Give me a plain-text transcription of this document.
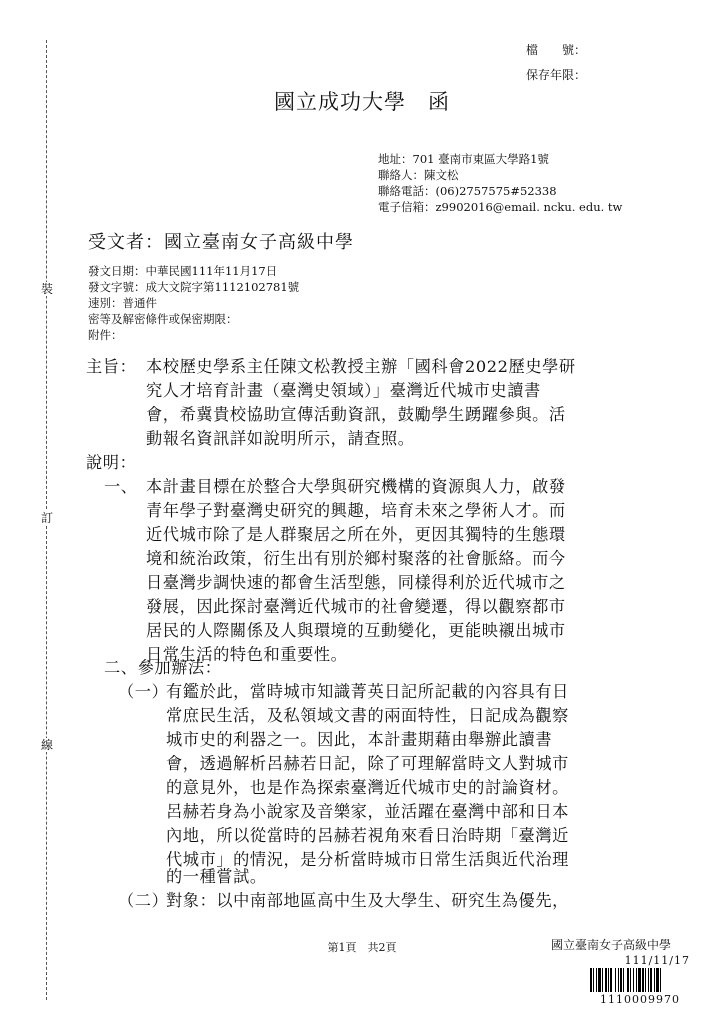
裝
訂
線
檔　　號：
保存年限：
國立成功大學　函
地址：701 臺南市東區大學路1號
聯絡人：陳文松
聯絡電話：(06)2757575#52338
電子信箱：z9902016@email. ncku. edu. tw
受文者：國立臺南女子高級中學
發文日期：中華民國111年11月17日
發文字號：成大文院字第1112102781號
速別：普通件
密等及解密條件或保密期限：
附件：
主旨： 本校歷史學系主任陳文松教授主辦「國科會2022歷史學研
究人才培育計畫（臺灣史領域）」臺灣近代城市史讀書
會，希冀貴校協助宣傳活動資訊，鼓勵學生踴躍參與。活
動報名資訊詳如說明所示，請查照。
說明：
一、 本計畫目標在於整合大學與研究機構的資源與人力，啟發
青年學子對臺灣史研究的興趣，培育未來之學術人才。而
近代城市除了是人群聚居之所在外，更因其獨特的生態環
境和統治政策，衍生出有別於鄉村聚落的社會脈絡。而今
日臺灣步調快速的都會生活型態，同樣得利於近代城市之
發展，因此探討臺灣近代城市的社會變遷，得以觀察都市
居民的人際關係及人與環境的互動變化，更能映襯出城市
日常生活的特色和重要性。
二、參加辦法：
（一）
有鑑於此，當時城市知識菁英日記所記載的內容具有日
常庶民生活，及私領域文書的兩面特性，日記成為觀察
城市史的利器之一。因此，本計畫期藉由舉辦此讀書
會，透過解析呂赫若日記，除了可理解當時文人對城市
的意見外，也是作為探索臺灣近代城市史的討論資材。
呂赫若身為小說家及音樂家，並活躍在臺灣中部和日本
內地，所以從當時的呂赫若視角來看日治時期「臺灣近
代城市」的情況，是分析當時城市日常生活與近代治理
的一種嘗試。
（二）
對象：以中南部地區高中生及大學生、研究生為優先，
第1頁　共2頁	國立臺南女子高級中學
111/11/17
1110009970
